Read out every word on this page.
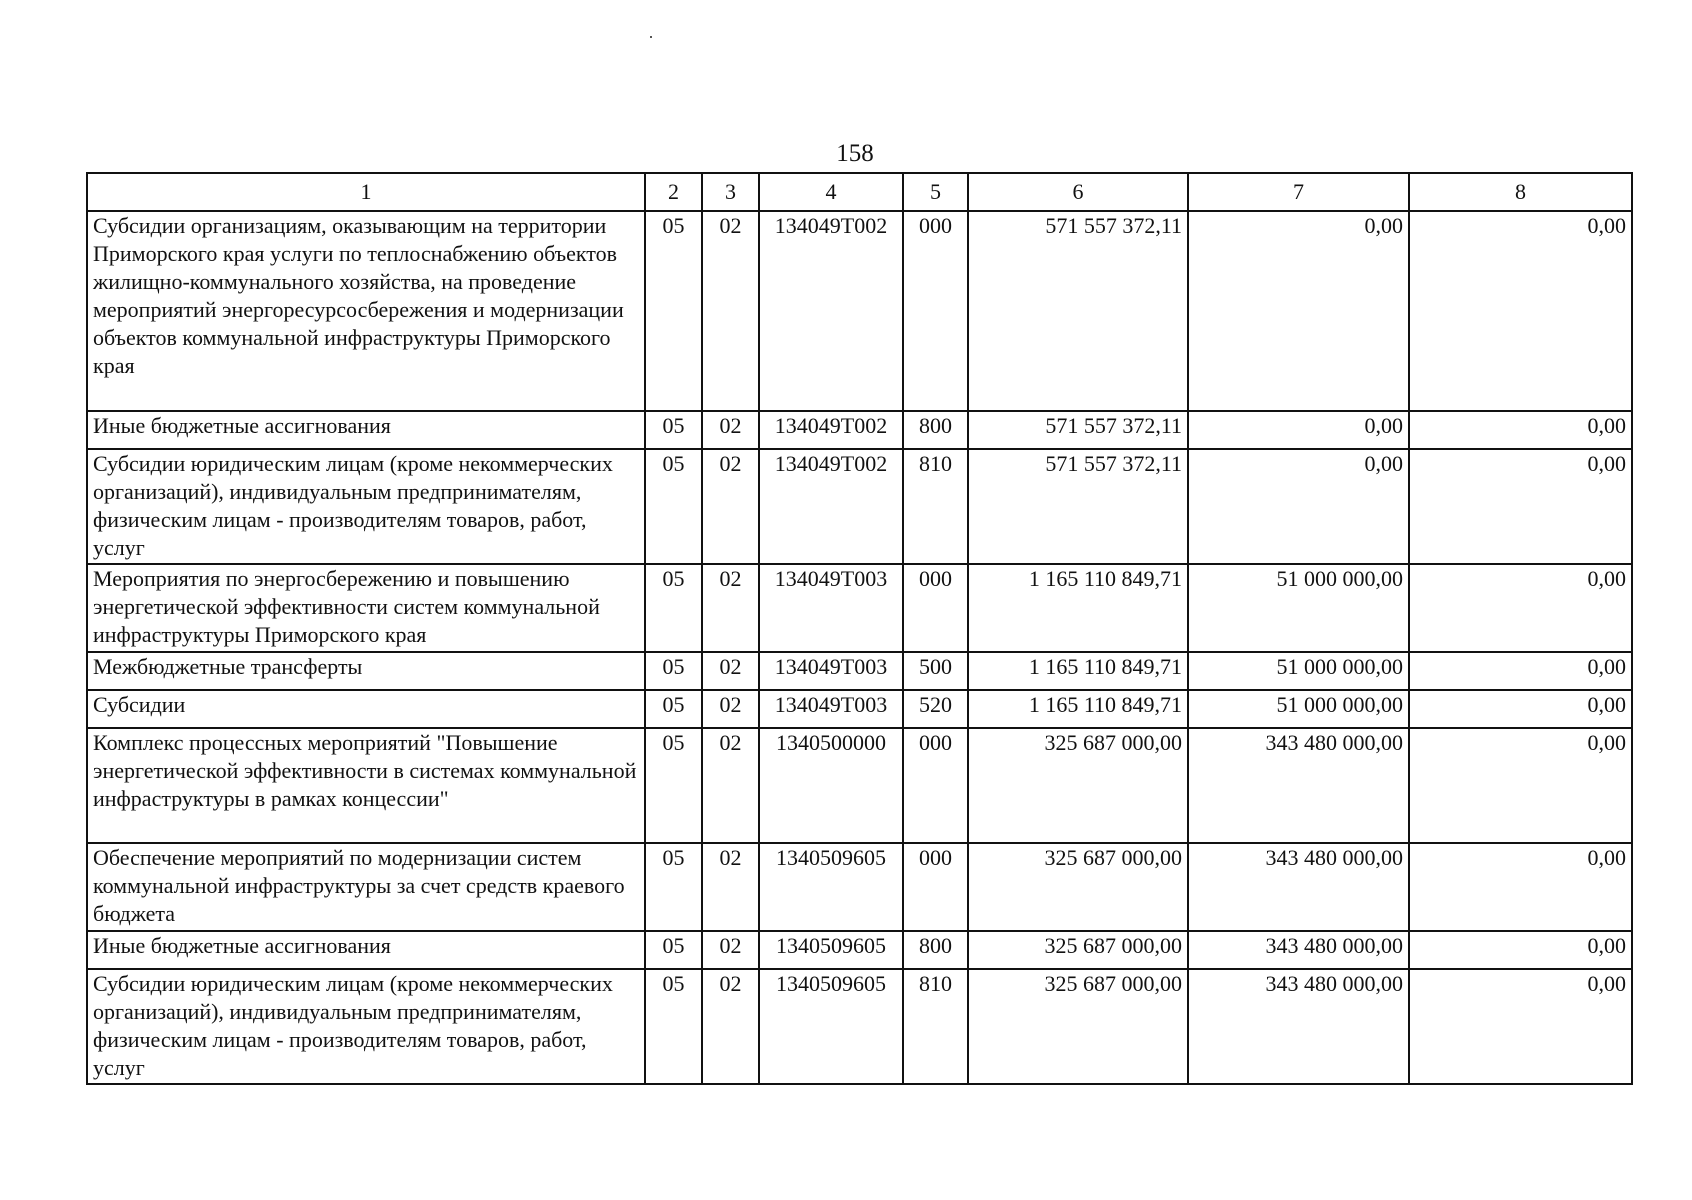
158
1	2	3	4	5	6	7	8
Субсидии организациям, оказывающим на территории Приморского края услуги по теплоснабжению объектов жилищно-коммунального хозяйства, на проведение мероприятий энергоресурсосбережения и модернизации объектов коммунальной инфраструктуры Приморского края	05	02	134049Т002	000	571 557 372,11	0,00	0,00
Иные бюджетные ассигнования	05	02	134049Т002	800	571 557 372,11	0,00	0,00
Субсидии юридическим лицам (кроме некоммерческих организаций), индивидуальным предпринимателям, физическим лицам - производителям товаров, работ, услуг	05	02	134049Т002	810	571 557 372,11	0,00	0,00
Мероприятия по энергосбережению и повышению энергетической эффективности систем коммунальной инфраструктуры Приморского края	05	02	134049Т003	000	1 165 110 849,71	51 000 000,00	0,00
Межбюджетные трансферты	05	02	134049Т003	500	1 165 110 849,71	51 000 000,00	0,00
Субсидии	05	02	134049Т003	520	1 165 110 849,71	51 000 000,00	0,00
Комплекс процессных мероприятий "Повышение энергетической эффективности в системах коммунальной инфраструктуры в рамках концессии"	05	02	1340500000	000	325 687 000,00	343 480 000,00	0,00
Обеспечение мероприятий по модернизации систем коммунальной инфраструктуры за счет средств краевого бюджета	05	02	1340509605	000	325 687 000,00	343 480 000,00	0,00
Иные бюджетные ассигнования	05	02	1340509605	800	325 687 000,00	343 480 000,00	0,00
Субсидии юридическим лицам (кроме некоммерческих организаций), индивидуальным предпринимателям, физическим лицам - производителям товаров, работ, услуг	05	02	1340509605	810	325 687 000,00	343 480 000,00	0,00
